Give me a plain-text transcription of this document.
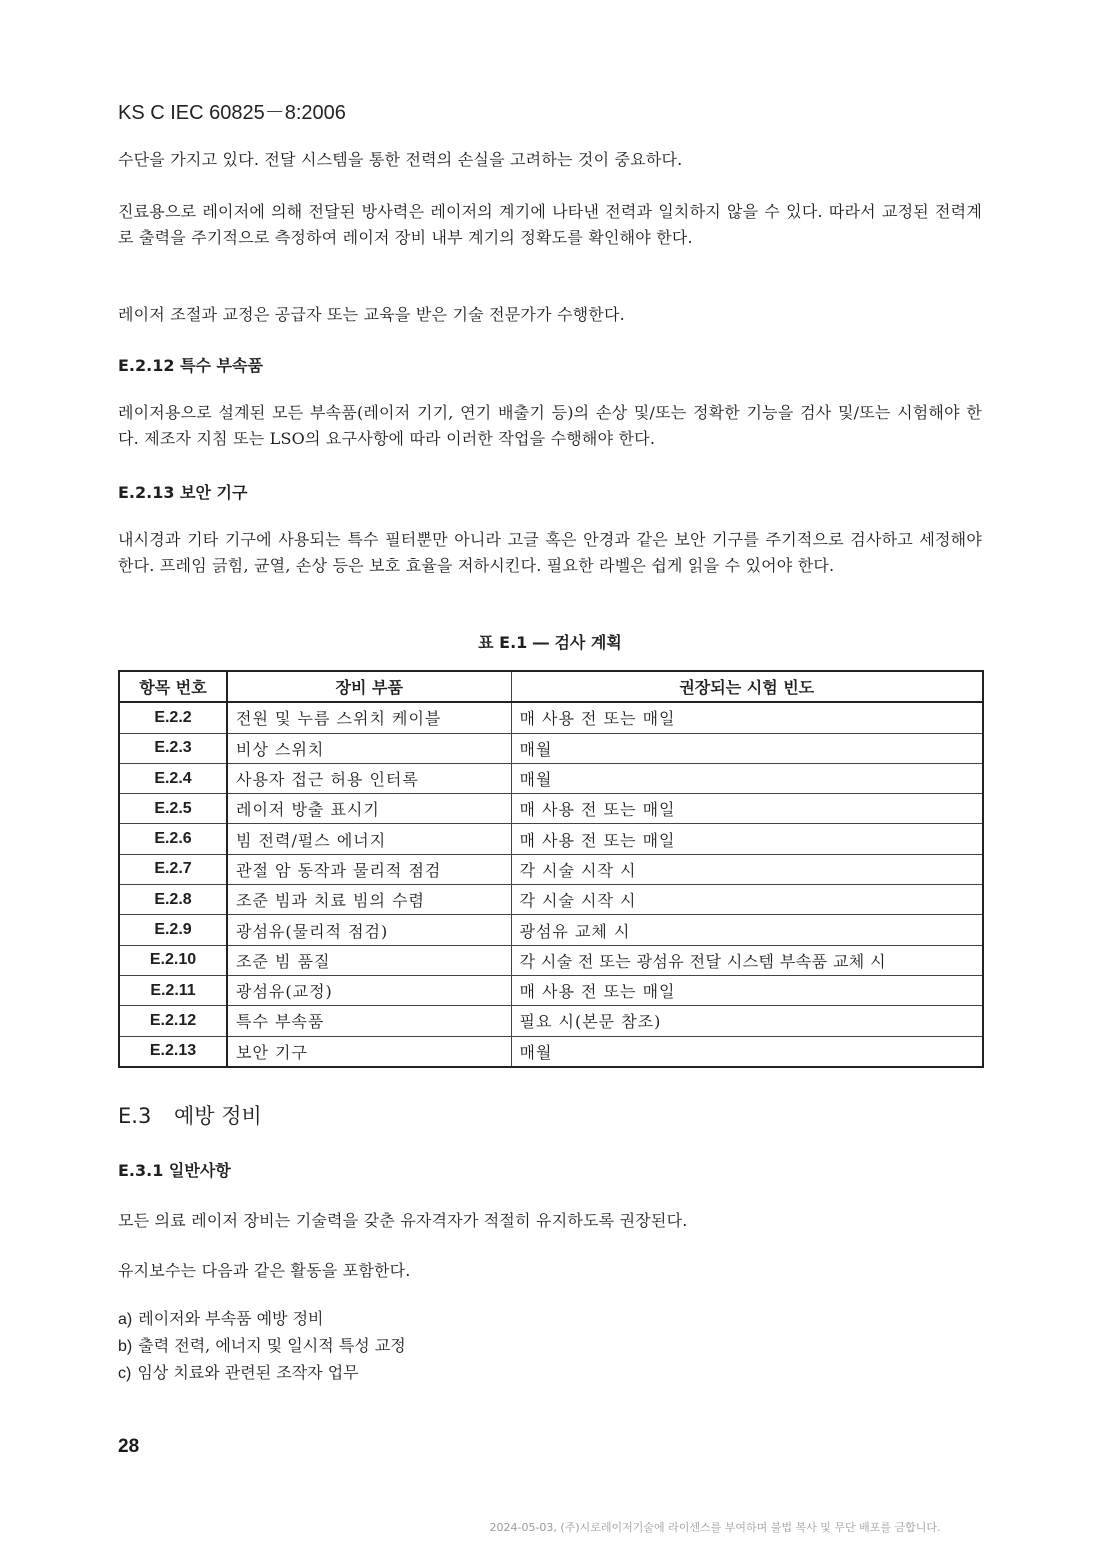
KS C IEC 60825－8:2006
수단을 가지고 있다. 전달 시스템을 통한 전력의 손실을 고려하는 것이 중요하다.
진료용으로 레이저에 의해 전달된 방사력은 레이저의 계기에 나타낸 전력과 일치하지 않을 수 있다. 따라서 교정된 전력계로 출력을 주기적으로 측정하여 레이저 장비 내부 계기의 정확도를 확인해야 한다.
레이저 조절과 교정은 공급자 또는 교육을 받은 기술 전문가가 수행한다.
E.2.12 특수 부속품
레이저용으로 설계된 모든 부속품(레이저 기기, 연기 배출기 등)의 손상 및/또는 정확한 기능을 검사 및/또는 시험해야 한다. 제조자 지침 또는 LSO의 요구사항에 따라 이러한 작업을 수행해야 한다.
E.2.13 보안 기구
내시경과 기타 기구에 사용되는 특수 필터뿐만 아니라 고글 혹은 안경과 같은 보안 기구를 주기적으로 검사하고 세정해야 한다. 프레임 긁힘, 균열, 손상 등은 보호 효율을 저하시킨다. 필요한 라벨은 쉽게 읽을 수 있어야 한다.
표 E.1 ― 검사 계획
항목 번호	장비 부품	권장되는 시험 빈도
E.2.2	전원 및 누름 스위치 케이블	매 사용 전 또는 매일
E.2.3	비상 스위치	매월
E.2.4	사용자 접근 허용 인터록	매월
E.2.5	레이저 방출 표시기	매 사용 전 또는 매일
E.2.6	빔 전력/펄스 에너지	매 사용 전 또는 매일
E.2.7	관절 암 동작과 물리적 점검	각 시술 시작 시
E.2.8	조준 빔과 치료 빔의 수렴	각 시술 시작 시
E.2.9	광섬유(물리적 점검)	광섬유 교체 시
E.2.10	조준 빔 품질	각 시술 전 또는 광섬유 전달 시스템 부속품 교체 시
E.2.11	광섬유(교정)	매 사용 전 또는 매일
E.2.12	특수 부속품	필요 시(본문 참조)
E.2.13	보안 기구	매월
E.3 예방 정비
E.3.1 일반사항
모든 의료 레이저 장비는 기술력을 갖춘 유자격자가 적절히 유지하도록 권장된다.
유지보수는 다음과 같은 활동을 포함한다.
a) 레이저와 부속품 예방 정비
b) 출력 전력, 에너지 및 일시적 특성 교정
c) 임상 치료와 관련된 조작자 업무
28
2024-05-03, (주)시로레이저기술에 라이센스를 부여하며 불법 복사 및 무단 배포를 금합니다.
